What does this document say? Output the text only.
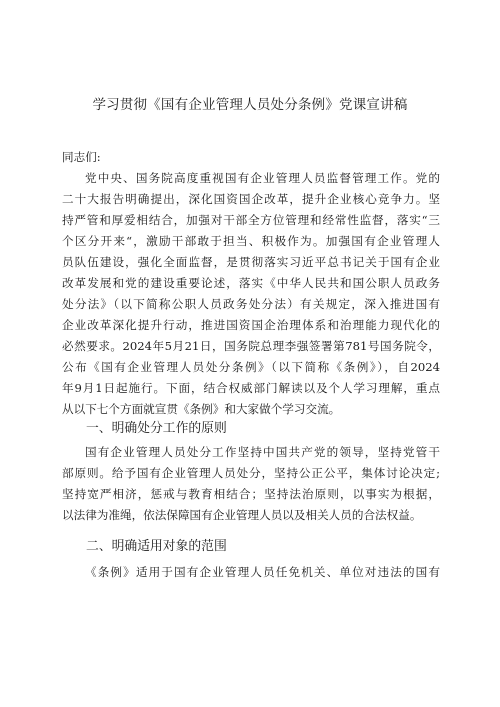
学习贯彻《国有企业管理人员处分条例》党课宣讲稿
同志们:
党中央、国务院高度重视国有企业管理人员监督管理工作。党的
二十大报告明确提出，深化国资国企改革，提升企业核心竞争力。坚
持严管和厚爱相结合，加强对干部全方位管理和经常性监督，落实“三
个区分开来“，激励干部敢于担当、积极作为。加强国有企业管理人
员队伍建设，强化全面监督，是贯彻落实习近平总书记关于国有企业
改革发展和党的建设重要论述，落实《中华人民共和国公职人员政务
处分法》（以下简称公职人员政务处分法）有关规定，深入推进国有
企业改革深化提升行动，推进国资国企治理体系和治理能力现代化的
必然要求。2024年5月21日，国务院总理李强签署第781号国务院令，
公布《国有企业管理人员处分条例》（以下简称《条例》），自2024
年9月1日起施行。下面，结合权威部门解读以及个人学习理解，重点
从以下七个方面就宣贯《条例》和大家做个学习交流。
一、明确处分工作的原则
国有企业管理人员处分工作坚持中国共产党的领导，坚持党管干
部原则。给予国有企业管理人员处分，坚持公正公平，集体讨论决定;
坚持宽严相济，惩戒与教育相结合；坚持法治原则，以事实为根据，
以法律为准绳，依法保障国有企业管理人员以及相关人员的合法权益。
二、明确适用对象的范围
《条例》适用于国有企业管理人员任免机关、单位对违法的国有
